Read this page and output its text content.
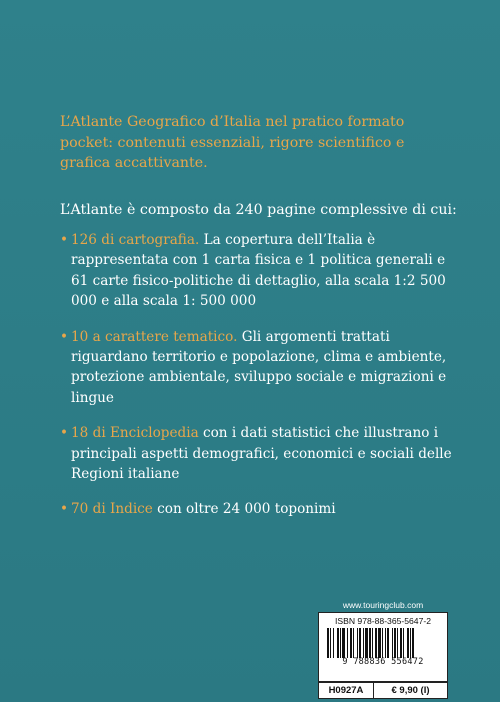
L’Atlante Geografico d’Italia nel pratico formato pocket: contenuti essenziali, rigore scientifico e grafica accattivante.
L’Atlante è composto da 240 pagine complessive di cui:
• 126 di cartografia. La copertura dell’Italia è rappresentata con 1 carta fisica e 1 politica generali e 61 carte fisico-politiche di dettaglio, alla scala 1:2 500 000 e alla scala 1: 500 000
• 10 a carattere tematico. Gli argomenti trattati riguardano territorio e popolazione, clima e ambiente, protezione ambientale, sviluppo sociale e migrazioni e lingue
• 18 di Enciclopedia con i dati statistici che illustrano i principali aspetti demografici, economici e sociali delle Regioni italiane
• 70 di Indice con oltre 24 000 toponimi
www.touringclub.com
ISBN 978-88-365-5647-2
9 788836 556472
H0927A	€ 9,90 (I)
